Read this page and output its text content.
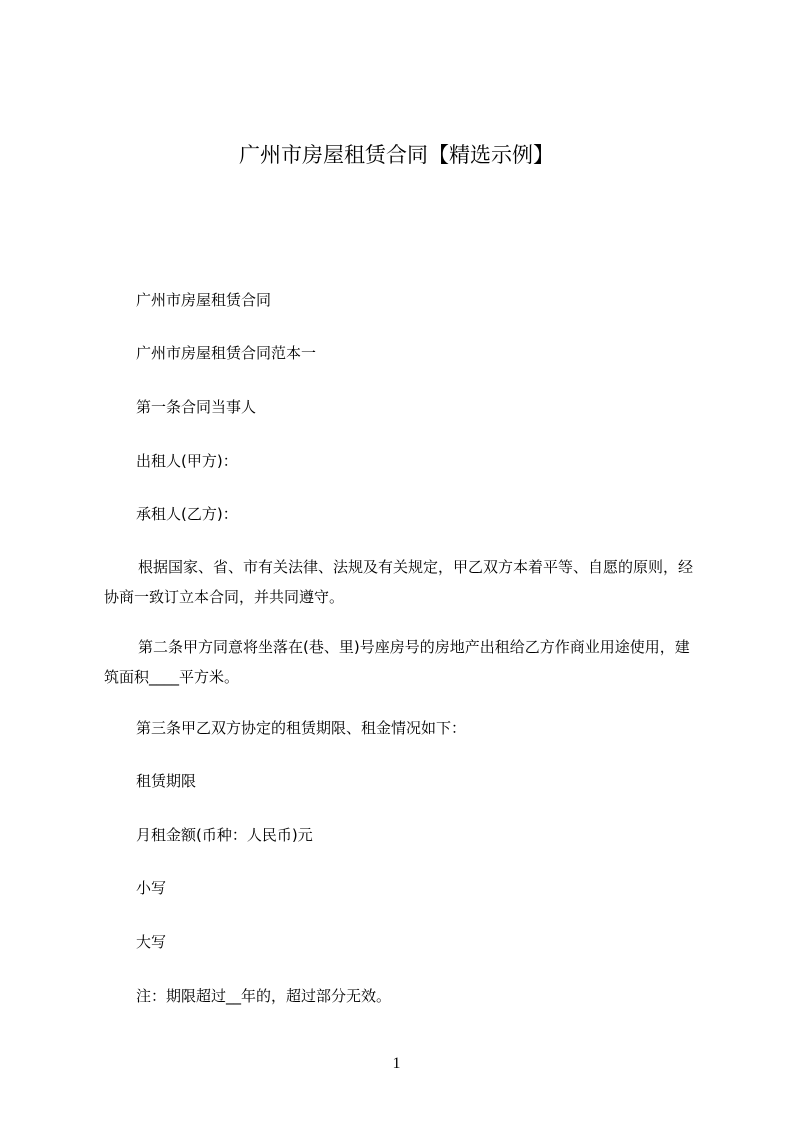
广州市房屋租赁合同【精选示例】
广州市房屋租赁合同
广州市房屋租赁合同范本一
第一条合同当事人
出租人(甲方)：
承租人(乙方)：
根据国家、省、市有关法律、法规及有关规定，甲乙双方本着平等、自愿的原则，经协商一致订立本合同，并共同遵守。
第二条甲方同意将坐落在(巷、里)号座房号的房地产出租给乙方作商业用途使用，建筑面积____平方米。
第三条甲乙双方协定的租赁期限、租金情况如下：
租赁期限
月租金额(币种：人民币)元
小写
大写
注：期限超过__年的，超过部分无效。
1
